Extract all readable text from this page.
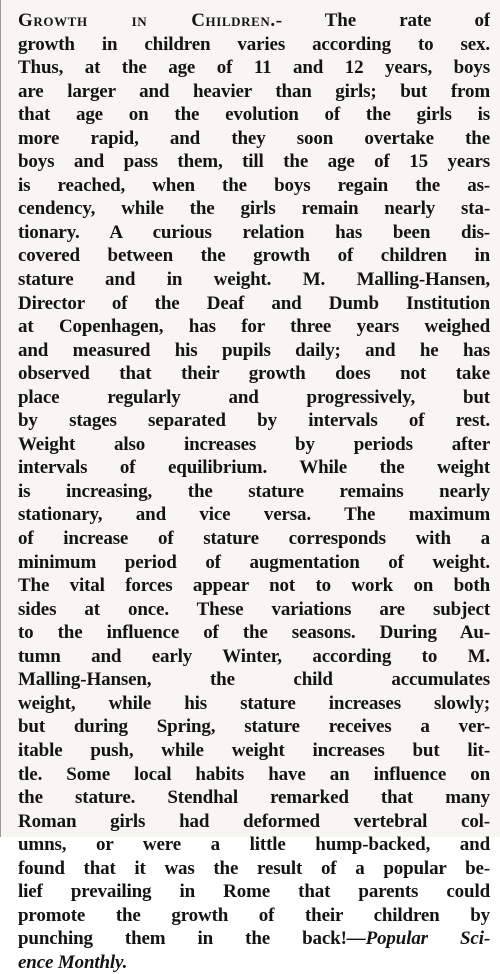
Growth in Children.- The rate of
growth in children varies according to sex.
Thus, at the age of 11 and 12 years, boys
are larger and heavier than girls; but from
that age on the evolution of the girls is
more rapid, and they soon overtake the
boys and pass them, till the age of 15 years
is reached, when the boys regain the as-
cendency, while the girls remain nearly sta-
tionary. A curious relation has been dis-
covered between the growth of children in
stature and in weight. M. Malling-Hansen,
Director of the Deaf and Dumb Institution
at Copenhagen, has for three years weighed
and measured his pupils daily; and he has
observed that their growth does not take
place regularly and progressively, but
by stages separated by intervals of rest.
Weight also increases by periods after
intervals of equilibrium. While the weight
is increasing, the stature remains nearly
stationary, and vice versa. The maximum
of increase of stature corresponds with a
minimum period of augmentation of weight.
The vital forces appear not to work on both
sides at once. These variations are subject
to the influence of the seasons. During Au-
tumn and early Winter, according to M.
Malling-Hansen, the child accumulates
weight, while his stature increases slowly;
but during Spring, stature receives a ver-
itable push, while weight increases but lit-
tle. Some local habits have an influence on
the stature. Stendhal remarked that many
Roman girls had deformed vertebral col-
umns, or were a little hump-backed, and
found that it was the result of a popular be-
lief prevailing in Rome that parents could
promote the growth of their children by
punching them in the back!—Popular Sci-
ence Monthly.
